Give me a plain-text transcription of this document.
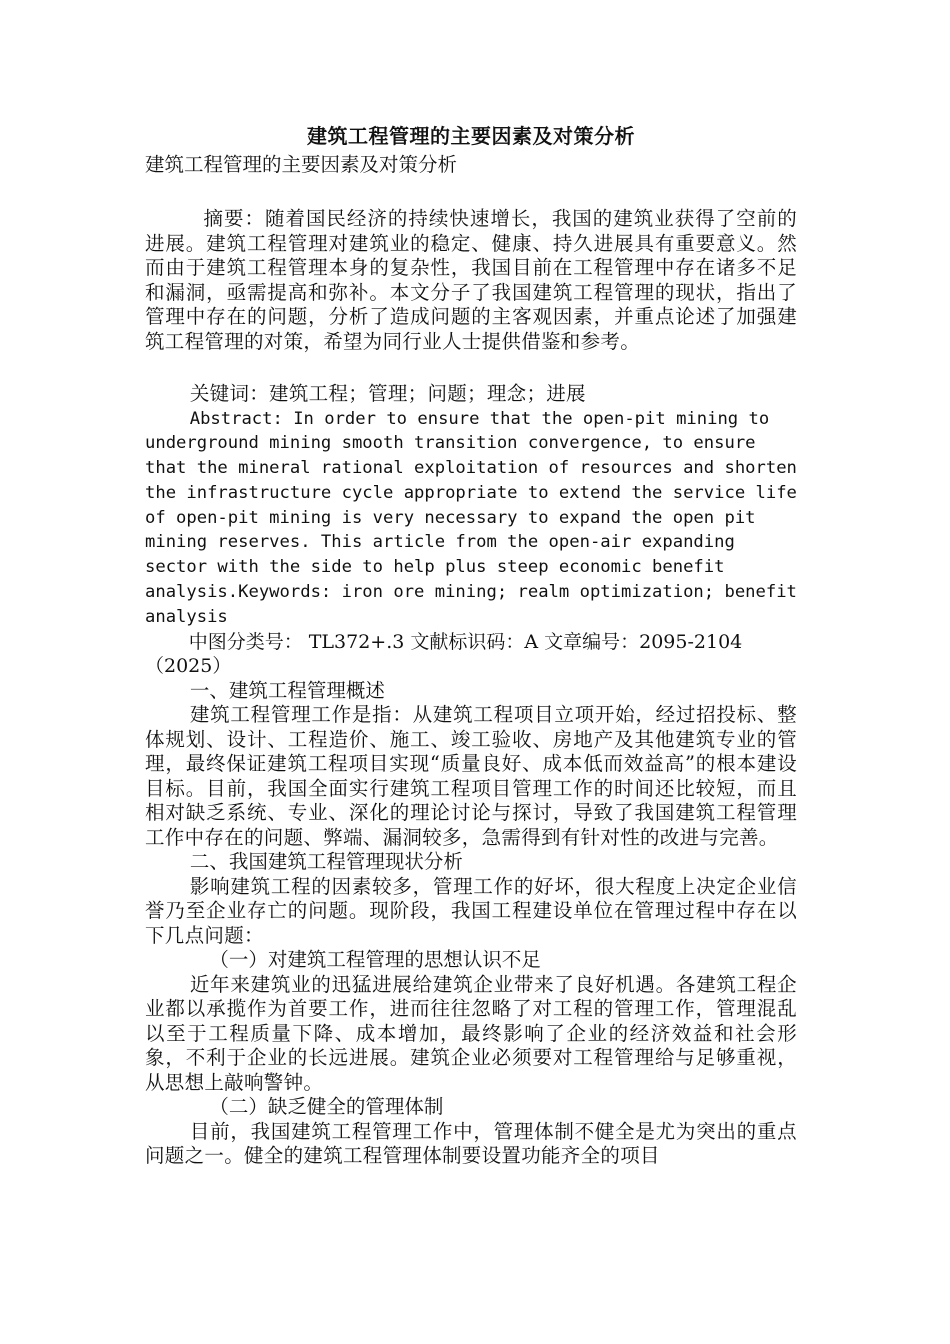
建筑工程管理的主要因素及对策分析

建筑工程管理的主要因素及对策分析

摘要：随着国民经济的持续快速增长，我国的建筑业获得了空前的进展。建筑工程管理对建筑业的稳定、健康、持久进展具有重要意义。然而由于建筑工程管理本身的复杂性，我国目前在工程管理中存在诸多不足和漏洞，亟需提高和弥补。本文分子了我国建筑工程管理的现状，指出了管理中存在的问题，分析了造成问题的主客观因素，并重点论述了加强建筑工程管理的对策，希望为同行业人士提供借鉴和参考。

关键词：建筑工程；管理；问题；理念；进展

Abstract: In order to ensure that the open-pit mining to underground mining smooth transition convergence, to ensure that the mineral rational exploitation of resources and shorten the infrastructure cycle appropriate to extend the service life of open-pit mining is very necessary to expand the open pit mining reserves. This article from the open-air expanding sector with the side to help plus steep economic benefit analysis.Keywords: iron ore mining; realm optimization; benefit analysis

中图分类号： TL372+.3 文献标识码：A 文章编号：2095-2104（2025）

一、建筑工程管理概述

建筑工程管理工作是指：从建筑工程项目立项开始，经过招投标、整体规划、设计、工程造价、施工、竣工验收、房地产及其他建筑专业的管理，最终保证建筑工程项目实现“质量良好、成本低而效益高”的根本建设目标。目前，我国全面实行建筑工程项目管理工作的时间还比较短，而且相对缺乏系统、专业、深化的理论讨论与探讨，导致了我国建筑工程管理工作中存在的问题、弊端、漏洞较多，急需得到有针对性的改进与完善。

二、我国建筑工程管理现状分析

影响建筑工程的因素较多，管理工作的好坏，很大程度上决定企业信誉乃至企业存亡的问题。现阶段，我国工程建设单位在管理过程中存在以下几点问题：

（一）对建筑工程管理的思想认识不足

近年来建筑业的迅猛进展给建筑企业带来了良好机遇。各建筑工程企业都以承揽作为首要工作，进而往往忽略了对工程的管理工作，管理混乱以至于工程质量下降、成本增加，最终影响了企业的经济效益和社会形象，不利于企业的长远进展。建筑企业必须要对工程管理给与足够重视，从思想上敲响警钟。

（二）缺乏健全的管理体制

目前，我国建筑工程管理工作中，管理体制不健全是尤为突出的重点问题之一。健全的建筑工程管理体制要设置功能齐全的项目
